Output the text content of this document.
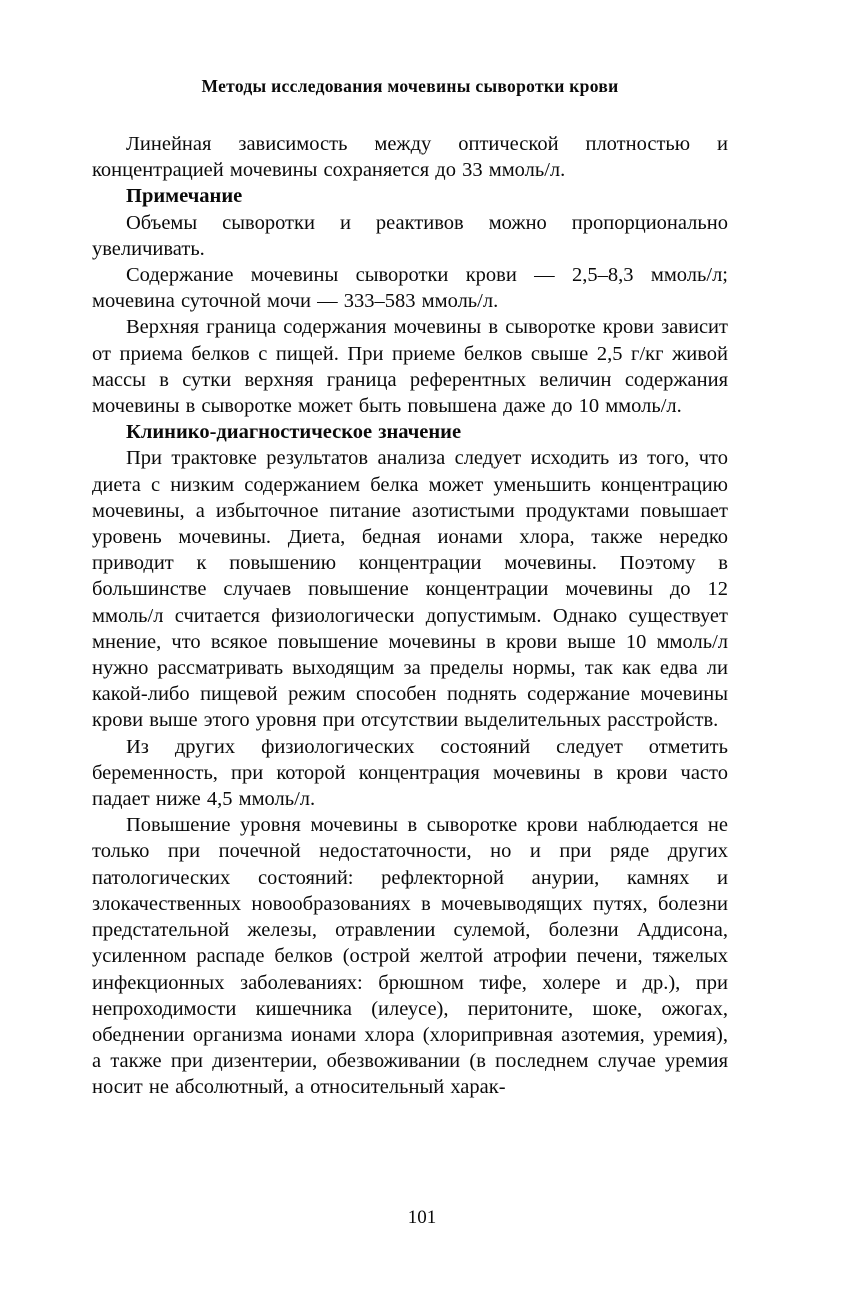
Методы исследования мочевины сыворотки крови

Линейная зависимость между оптической плотностью и концентрацией мочевины сохраняется до 33 ммоль/л.

Примечание

Объемы сыворотки и реактивов можно пропорционально увеличивать.

Содержание мочевины сыворотки крови — 2,5–8,3 ммоль/л; мочевина суточной мочи — 333–583 ммоль/л.

Верхняя граница содержания мочевины в сыворотке крови зависит от приема белков с пищей. При приеме белков свыше 2,5 г/кг живой массы в сутки верхняя граница референтных величин содержания мочевины в сыворотке может быть повышена даже до 10 ммоль/л.

Клинико-диагностическое значение

При трактовке результатов анализа следует исходить из того, что диета с низким содержанием белка может уменьшить концентрацию мочевины, а избыточное питание азотистыми продуктами повышает уровень мочевины. Диета, бедная ионами хлора, также нередко приводит к повышению концентрации мочевины. Поэтому в большинстве случаев повышение концентрации мочевины до 12 ммоль/л считается физиологически допустимым. Однако существует мнение, что всякое повышение мочевины в крови выше 10 ммоль/л нужно рассматривать выходящим за пределы нормы, так как едва ли какой-либо пищевой режим способен поднять содержание мочевины крови выше этого уровня при отсутствии выделительных расстройств.

Из других физиологических состояний следует отметить беременность, при которой концентрация мочевины в крови часто падает ниже 4,5 ммоль/л.

Повышение уровня мочевины в сыворотке крови наблюдается не только при почечной недостаточности, но и при ряде других патологических состояний: рефлекторной анурии, камнях и злокачественных новообразованиях в мочевыводящих путях, болезни предстательной железы, отравлении сулемой, болезни Аддисона, усиленном распаде белков (острой желтой атрофии печени, тяжелых инфекционных заболеваниях: брюшном тифе, холере и др.), при непроходимости кишечника (илеусе), перитоните, шоке, ожогах, обеднении организма ионами хлора (хлорипривная азотемия, уремия), а также при дизентерии, обезвоживании (в последнем случае уремия носит не абсолютный, а относительный харак-

101
